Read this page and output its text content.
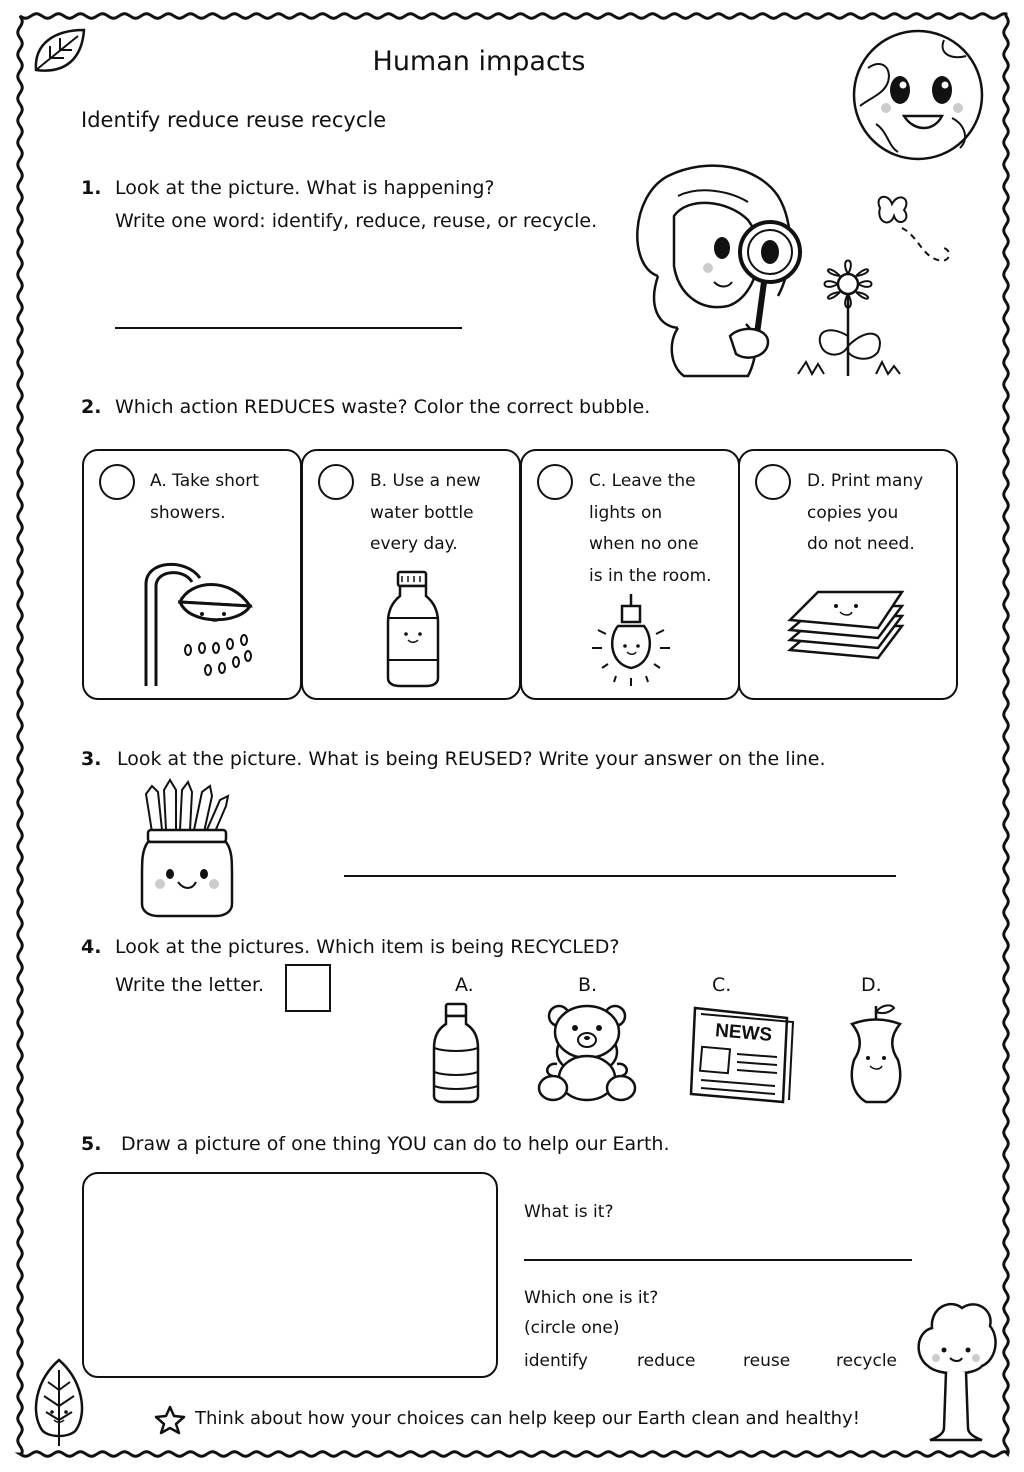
Human impacts
Identify reduce reuse recycle
1. Look at the picture. What is happening?
Write one word: identify, reduce, reuse, or recycle.
2. Which action REDUCES waste? Color the correct bubble.
A. Take short
showers.
B. Use a new
water bottle
every day.
C. Leave the
lights on
when no one
is in the room.
D. Print many
copies you
do not need.
3. Look at the picture. What is being REUSED? Write your answer on the line.
4. Look at the pictures. Which item is being RECYCLED?
Write the letter.	A.	B.	C.	D.
NEWS
5. Draw a picture of one thing YOU can do to help our Earth.
What is it?
Which one is it?
(circle one)
identify	reduce	reuse	recycle
Think about how your choices can help keep our Earth clean and healthy!
